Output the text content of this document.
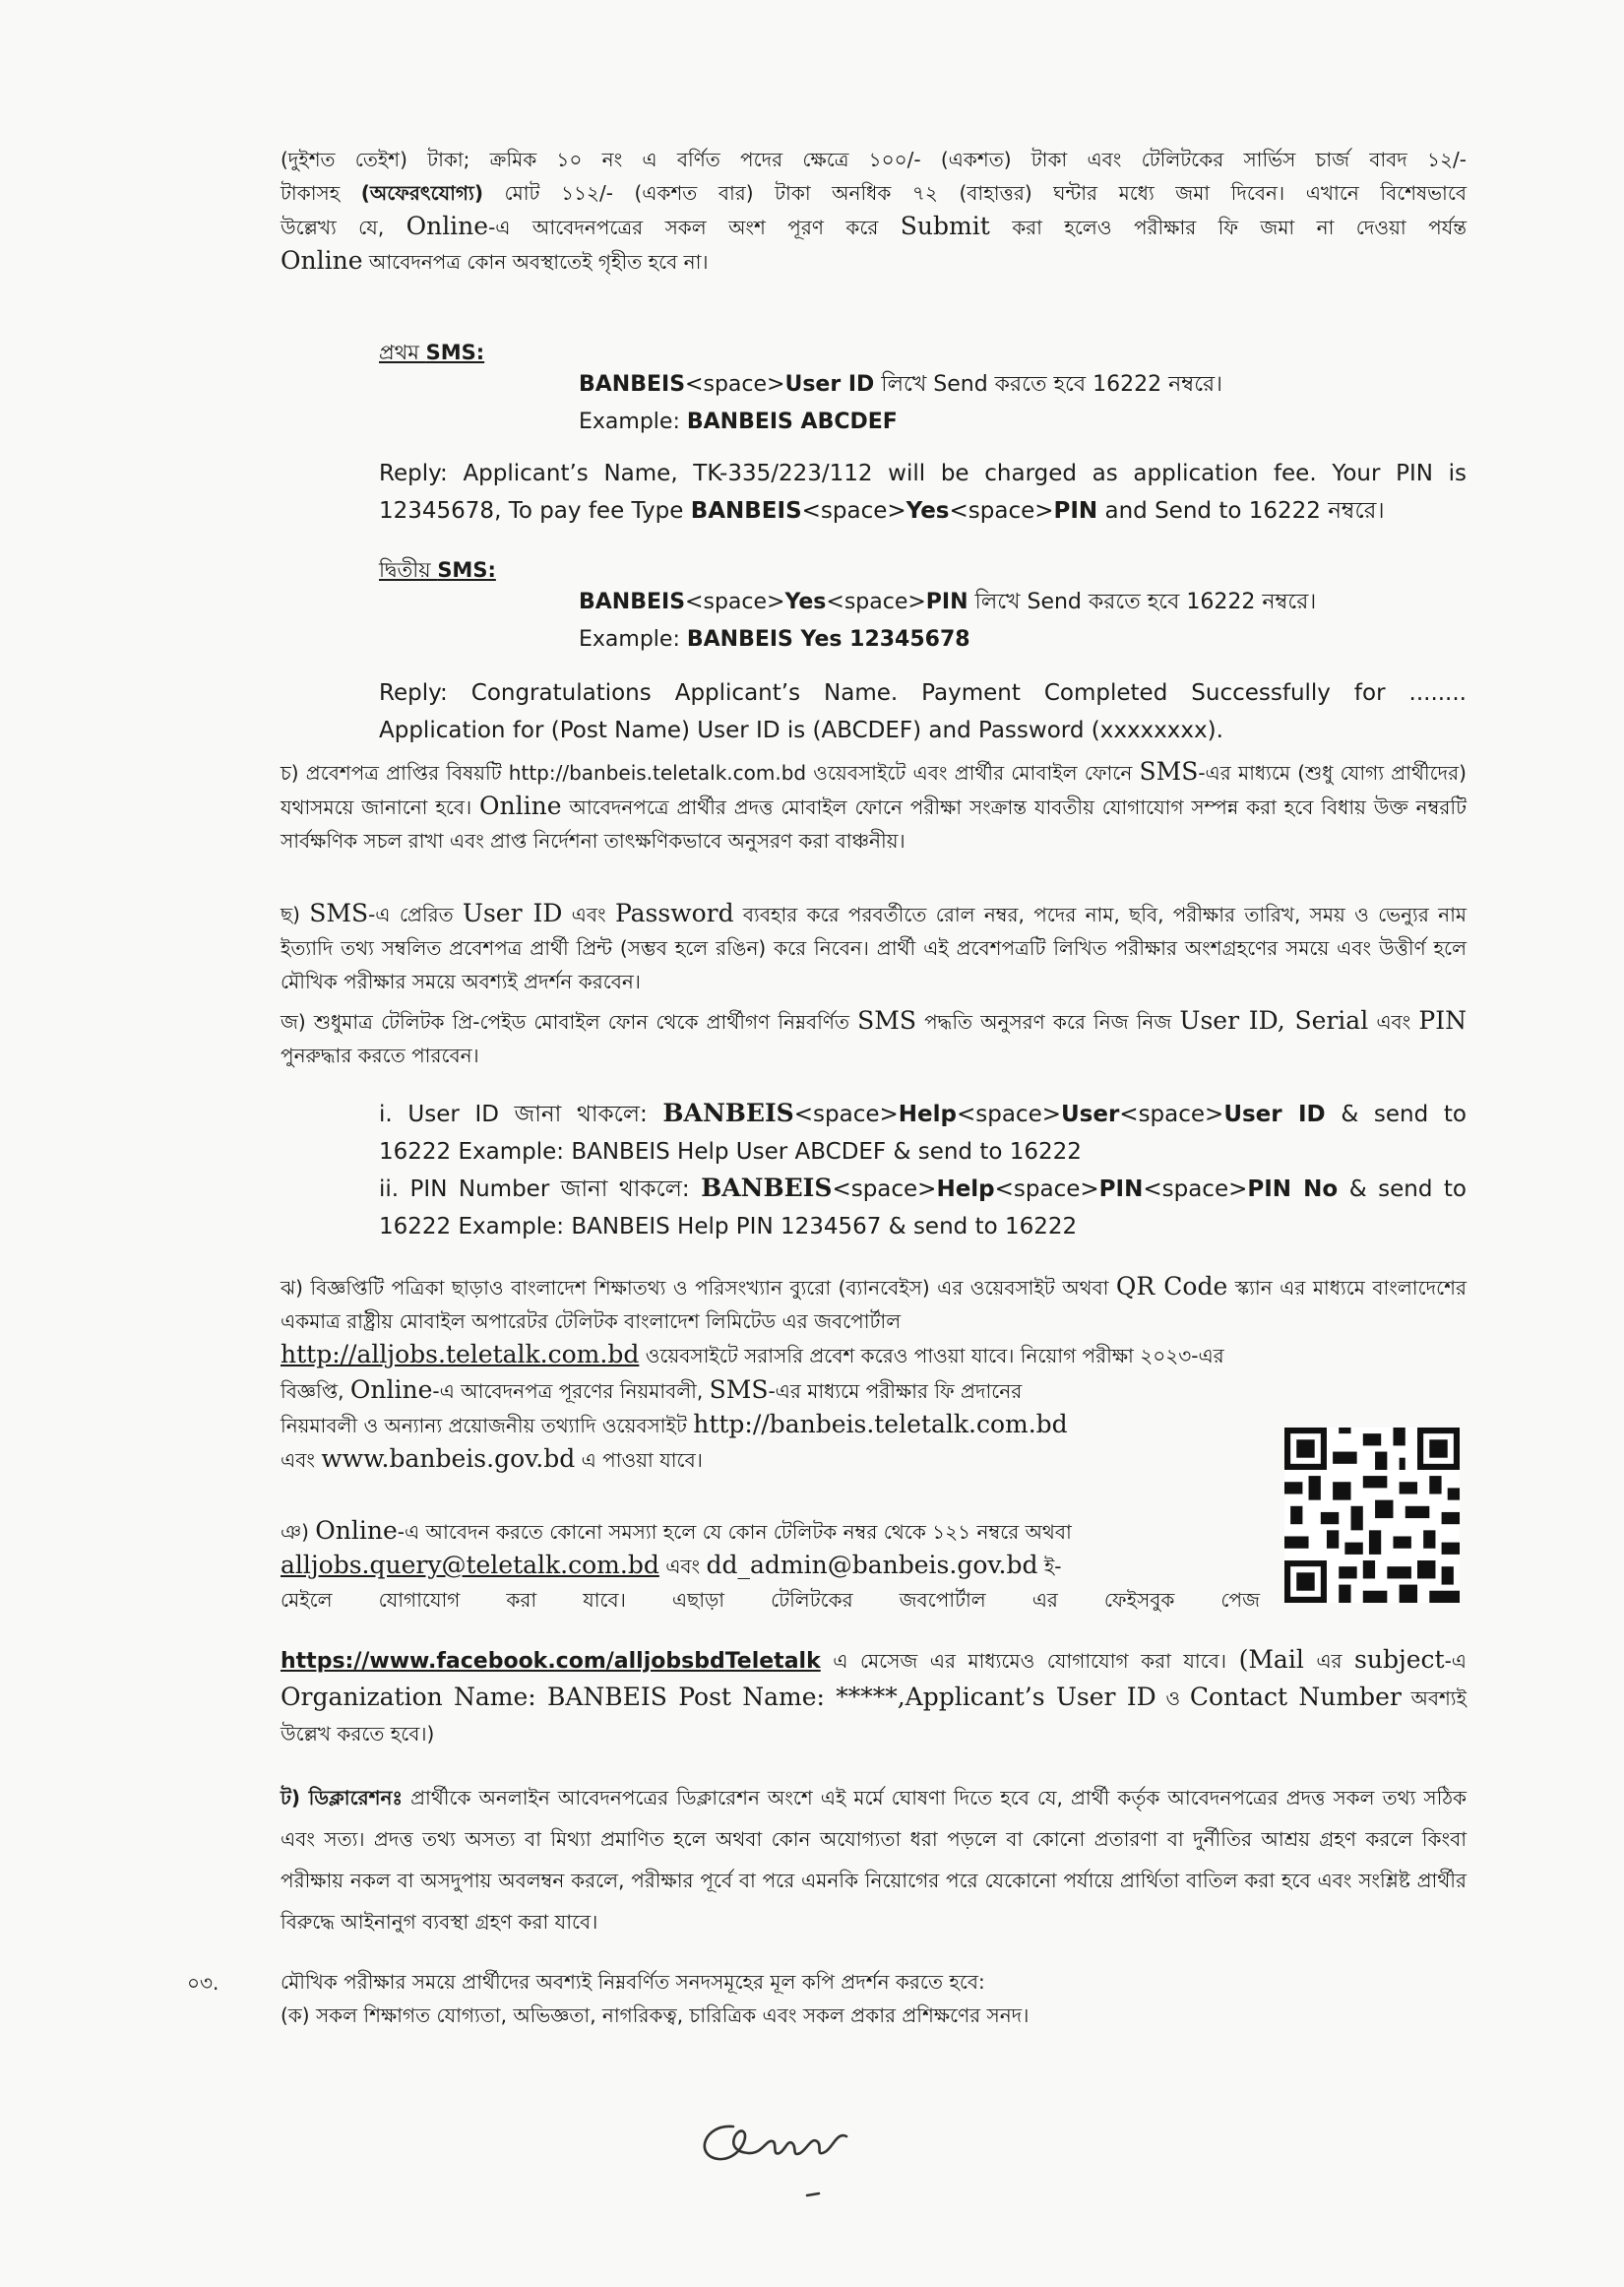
(দুইশত তেইশ) টাকা; ক্রমিক ১০ নং এ বর্ণিত পদের ক্ষেত্রে ১০০/- (একশত) টাকা এবং টেলিটকের সার্ভিস চার্জ বাবদ ১২/-
টাকাসহ (অফেরৎযোগ্য) মোট ১১২/- (একশত বার) টাকা অনধিক ৭২ (বাহাত্তর) ঘন্টার মধ্যে জমা দিবেন। এখানে বিশেষভাবে
উল্লেখ্য যে, Online-এ আবেদনপত্রের সকল অংশ পূরণ করে Submit করা হলেও পরীক্ষার ফি জমা না দেওয়া পর্যন্ত
Online আবেদনপত্র কোন অবস্থাতেই গৃহীত হবে না।
প্রথম SMS:
BANBEIS<space>User ID লিখে Send করতে হবে 16222 নম্বরে।
Example: BANBEIS ABCDEF
Reply: Applicant’s Name, TK-335/223/112 will be charged as application fee. Your PIN is 12345678, To pay fee Type BANBEIS<space>Yes<space>PIN and Send to 16222 নম্বরে।
দ্বিতীয় SMS:
BANBEIS<space>Yes<space>PIN লিখে Send করতে হবে 16222 নম্বরে।
Example: BANBEIS Yes 12345678
Reply: Congratulations Applicant’s Name. Payment Completed Successfully for ........ Application for (Post Name) User ID is (ABCDEF) and Password (xxxxxxxx).
চ) প্রবেশপত্র প্রাপ্তির বিষয়টি http://banbeis.teletalk.com.bd ওয়েবসাইটে এবং প্রার্থীর মোবাইল ফোনে SMS-এর মাধ্যমে (শুধু যোগ্য প্রার্থীদের) যথাসময়ে জানানো হবে। Online আবেদনপত্রে প্রার্থীর প্রদত্ত মোবাইল ফোনে পরীক্ষা সংক্রান্ত যাবতীয় যোগাযোগ সম্পন্ন করা হবে বিধায় উক্ত নম্বরটি সার্বক্ষণিক সচল রাখা এবং প্রাপ্ত নির্দেশনা তাৎক্ষণিকভাবে অনুসরণ করা বাঞ্চনীয়।
ছ) SMS-এ প্রেরিত User ID এবং Password ব্যবহার করে পরবর্তীতে রোল নম্বর, পদের নাম, ছবি, পরীক্ষার তারিখ, সময় ও ভেন্যুর নাম ইত্যাদি তথ্য সম্বলিত প্রবেশপত্র প্রার্থী প্রিন্ট (সম্ভব হলে রঙিন) করে নিবেন। প্রার্থী এই প্রবেশপত্রটি লিখিত পরীক্ষার অংশগ্রহণের সময়ে এবং উত্তীর্ণ হলে মৌখিক পরীক্ষার সময়ে অবশ্যই প্রদর্শন করবেন।
জ) শুধুমাত্র টেলিটক প্রি-পেইড মোবাইল ফোন থেকে প্রার্থীগণ নিম্নবর্ণিত SMS পদ্ধতি অনুসরণ করে নিজ নিজ User ID, Serial এবং PIN পুনরুদ্ধার করতে পারবেন।
i. User ID জানা থাকলে: BANBEIS<space>Help<space>User<space>User ID & send to 16222 Example: BANBEIS Help User ABCDEF & send to 16222
ii. PIN Number জানা থাকলে: BANBEIS<space>Help<space>PIN<space>PIN No & send to 16222 Example: BANBEIS Help PIN 1234567 & send to 16222
ঝ) বিজ্ঞপ্তিটি পত্রিকা ছাড়াও বাংলাদেশ শিক্ষাতথ্য ও পরিসংখ্যান ব্যুরো (ব্যানবেইস) এর ওয়েবসাইট অথবা QR Code স্ক্যান এর মাধ্যমে বাংলাদেশের একমাত্র রাষ্ট্রীয় মোবাইল অপারেটর টেলিটক বাংলাদেশ লিমিটেড এর জবপোর্টাল
http://alljobs.teletalk.com.bd ওয়েবসাইটে সরাসরি প্রবেশ করেও পাওয়া যাবে। নিয়োগ পরীক্ষা ২০২৩-এর
বিজ্ঞপ্তি, Online-এ আবেদনপত্র পূরণের নিয়মাবলী, SMS-এর মাধ্যমে পরীক্ষার ফি প্রদানের
নিয়মাবলী ও অন্যান্য প্রয়োজনীয় তথ্যাদি ওয়েবসাইট http://banbeis.teletalk.com.bd
এবং www.banbeis.gov.bd এ পাওয়া যাবে।
ঞ) Online-এ আবেদন করতে কোনো সমস্যা হলে যে কোন টেলিটক নম্বর থেকে ১২১ নম্বরে অথবা
alljobs.query@teletalk.com.bd এবং dd_admin@banbeis.gov.bd ই-
মেইলে যোগাযোগ করা যাবে। এছাড়া টেলিটকের জবপোর্টাল এর ফেইসবুক পেজ
https://www.facebook.com/alljobsbdTeletalk এ মেসেজ এর মাধ্যমেও যোগাযোগ করা যাবে। (Mail এর subject-এ Organization Name: BANBEIS Post Name: *****,Applicant’s User ID ও Contact Number অবশ্যই উল্লেখ করতে হবে।)
ট) ডিক্লারেশনঃ প্রার্থীকে অনলাইন আবেদনপত্রের ডিক্লারেশন অংশে এই মর্মে ঘোষণা দিতে হবে যে, প্রার্থী কর্তৃক আবেদনপত্রের প্রদত্ত সকল তথ্য সঠিক এবং সত্য। প্রদত্ত তথ্য অসত্য বা মিথ্যা প্রমাণিত হলে অথবা কোন অযোগ্যতা ধরা পড়লে বা কোনো প্রতারণা বা দুর্নীতির আশ্রয় গ্রহণ করলে কিংবা পরীক্ষায় নকল বা অসদুপায় অবলম্বন করলে, পরীক্ষার পূর্বে বা পরে এমনকি নিয়োগের পরে যেকোনো পর্যায়ে প্রার্থিতা বাতিল করা হবে এবং সংশ্লিষ্ট প্রার্থীর বিরুদ্ধে আইনানুগ ব্যবস্থা গ্রহণ করা যাবে।
০৩.	মৌখিক পরীক্ষার সময়ে প্রার্থীদের অবশ্যই নিম্নবর্ণিত সনদসমূহের মূল কপি প্রদর্শন করতে হবে:
(ক) সকল শিক্ষাগত যোগ্যতা, অভিজ্ঞতা, নাগরিকত্ব, চারিত্রিক এবং সকল প্রকার প্রশিক্ষণের সনদ।
